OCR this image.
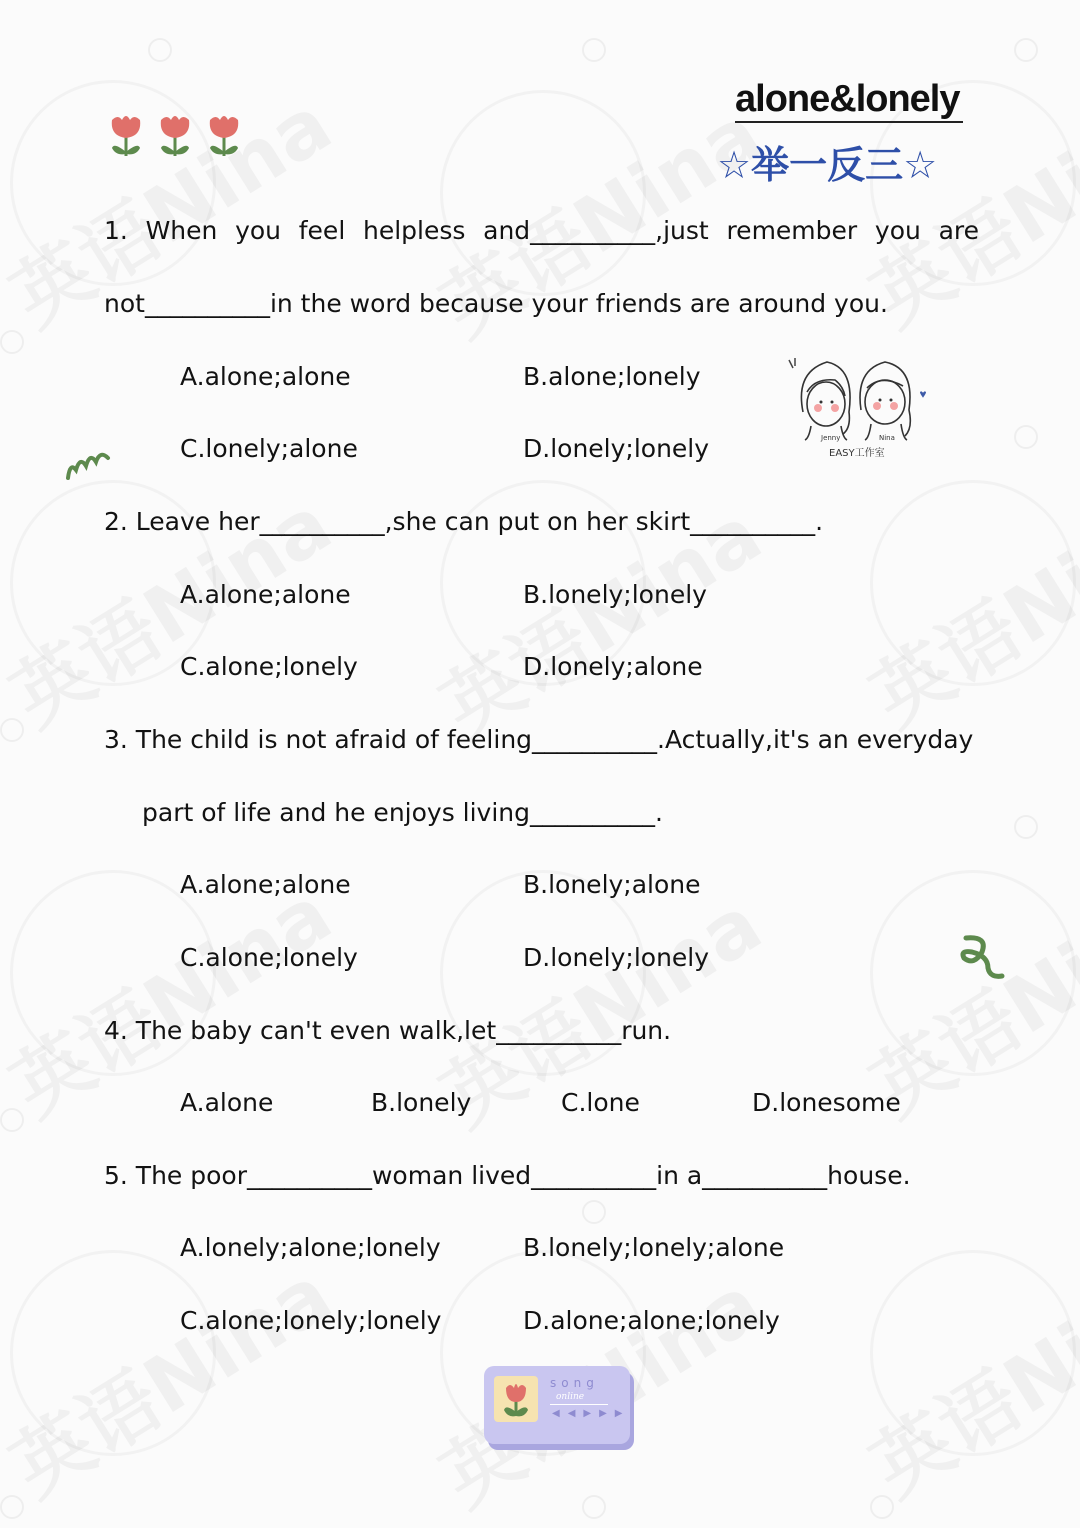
alone&lonely
☆举一反三☆
1. When you feel helpless and__________,just remember you are
not__________in the word because your friends are around you.
A.alone;alone	B.alone;lonely
C.lonely;alone	D.lonely;lonely	Jenny	Nina
EASY工作室
2. Leave her__________,she can put on her skirt__________.
A.alone;alone	B.lonely;lonely
C.alone;lonely	D.lonely;alone
3. The child is not afraid of feeling__________.Actually,it's an everyday
part of life and he enjoys living__________.
A.alone;alone	B.lonely;alone
C.alone;lonely	D.lonely;lonely
4. The baby can't even walk,let__________run.
A.alone	B.lonely	C.lone	D.lonesome
5. The poor__________woman lived__________in a__________house.
A.lonely;alone;lonely	B.lonely;lonely;alone
C.alone;lonely;lonely	D.alone;alone;lonely
song
online
◀◀▶▶▶
